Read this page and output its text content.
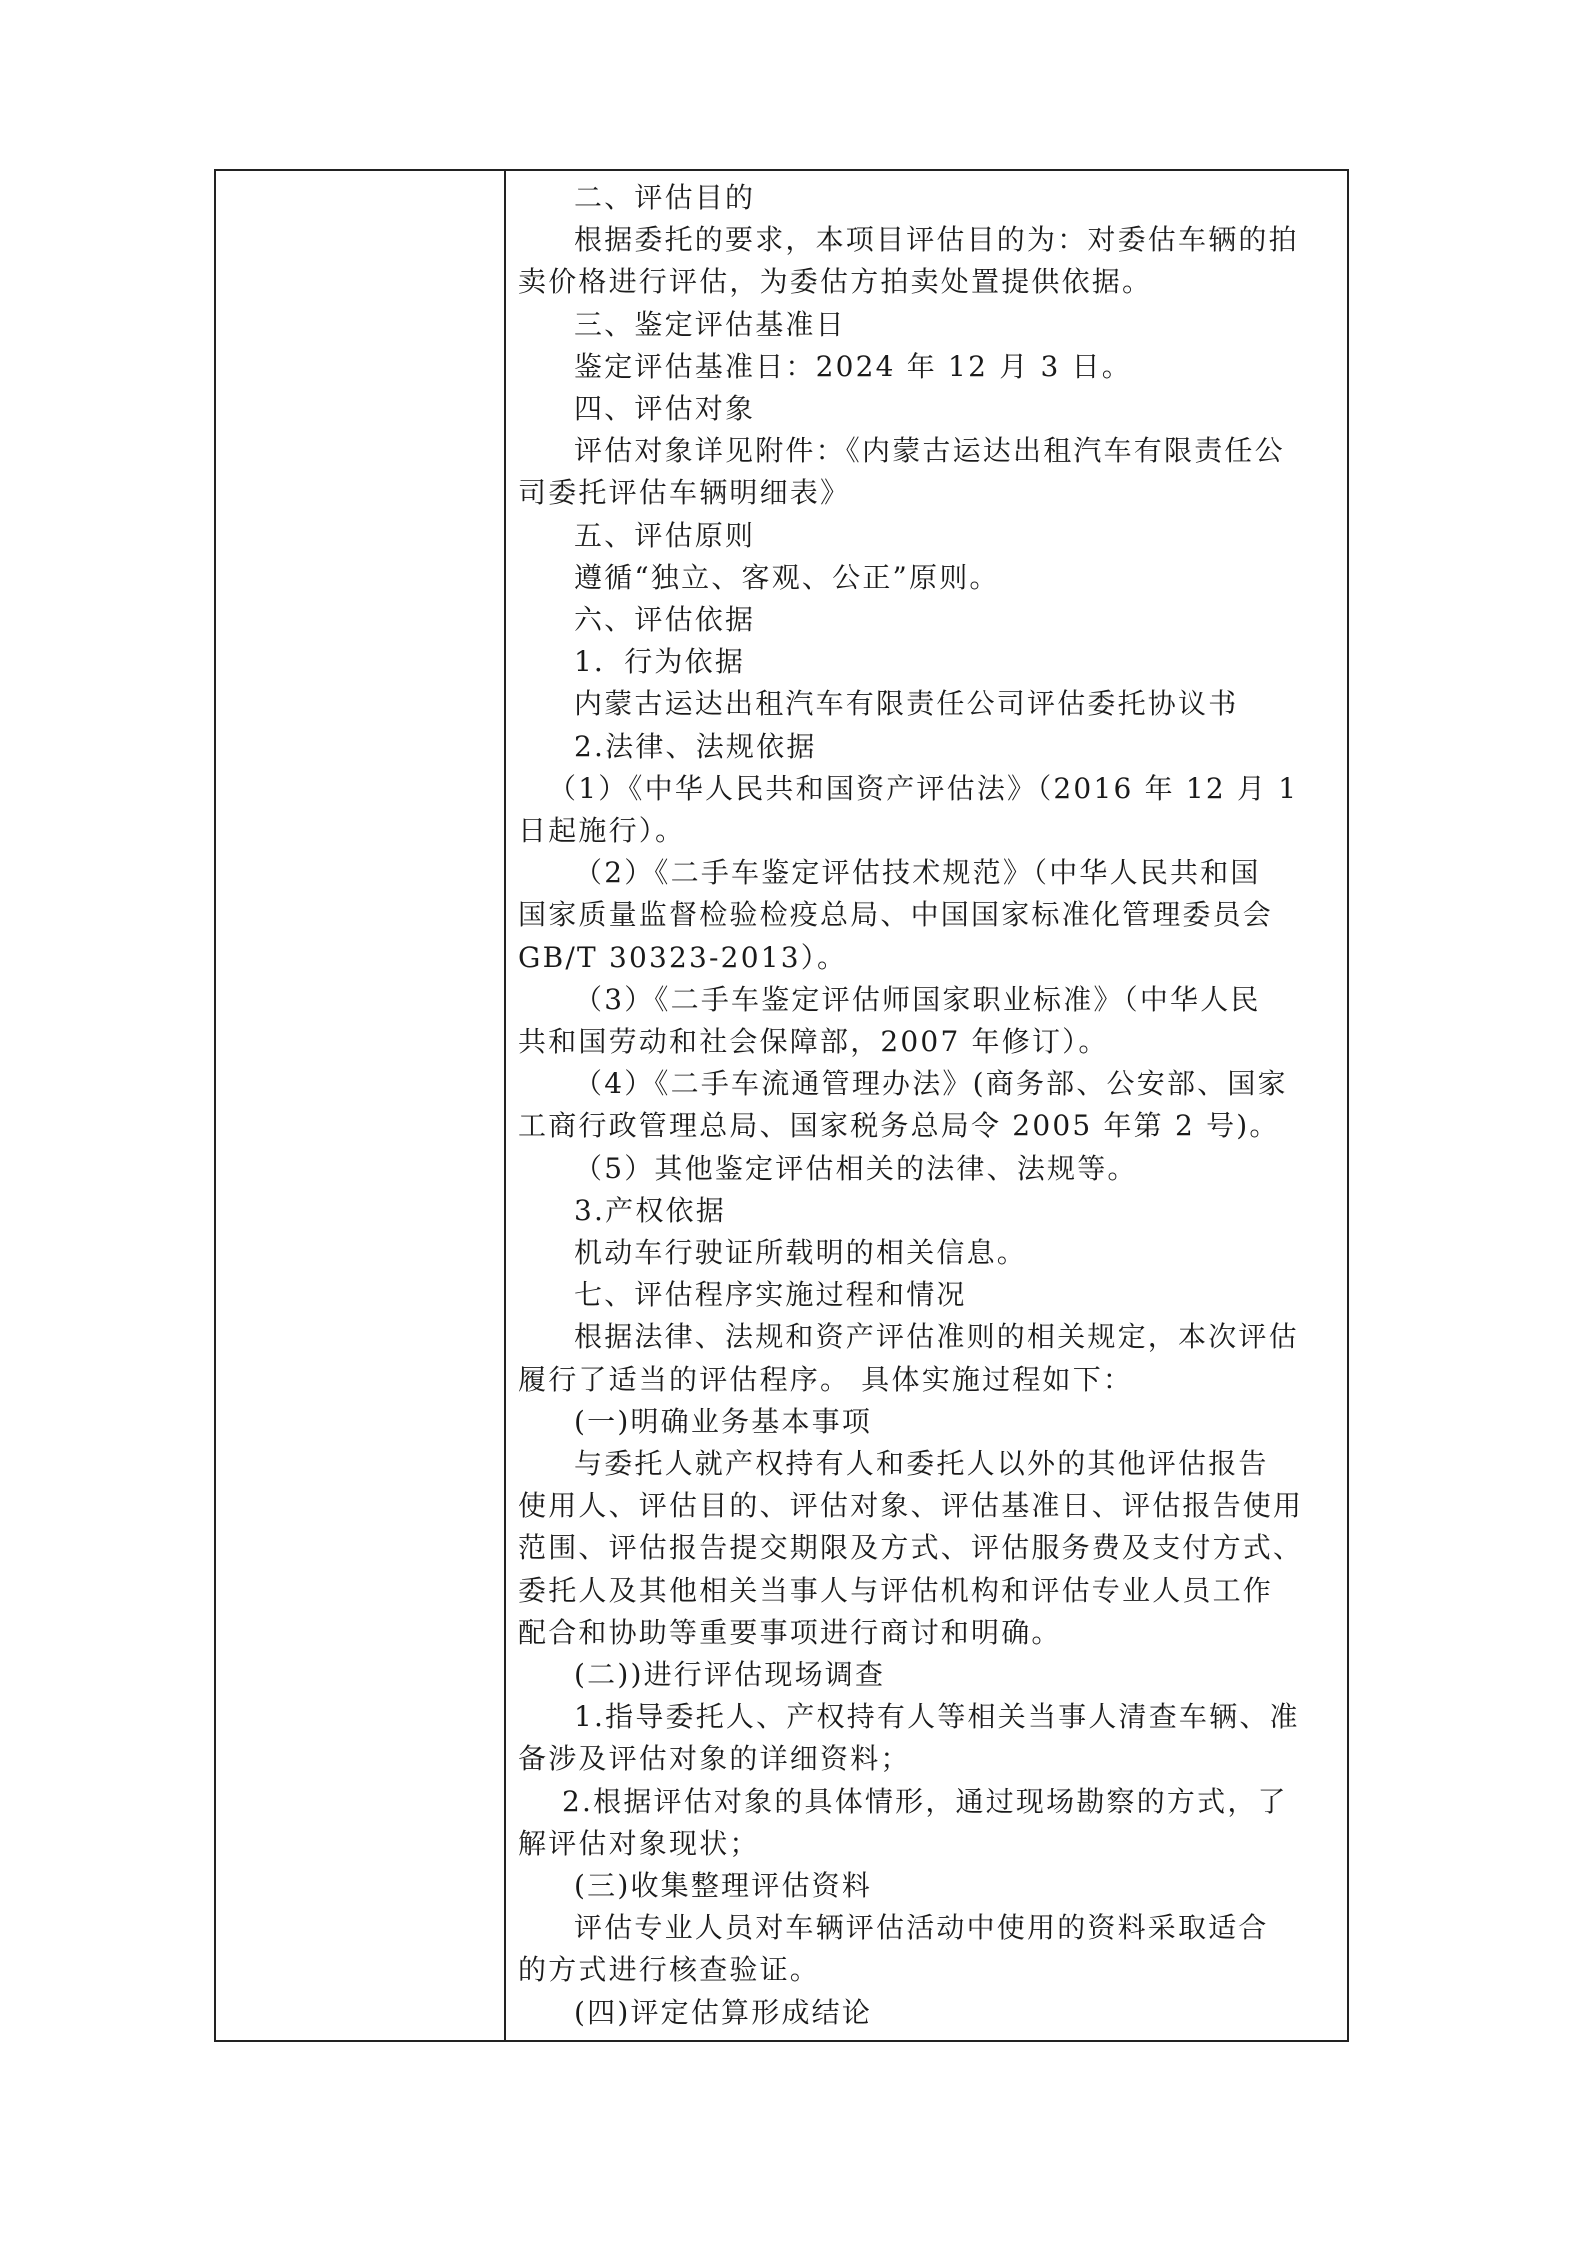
二、评估目的
根据委托的要求，本项目评估目的为：对委估车辆的拍
卖价格进行评估，为委估方拍卖处置提供依据。
三、鉴定评估基准日
鉴定评估基准日：2024 年 12 月 3 日。
四、评估对象
评估对象详见附件：《内蒙古运达出租汽车有限责任公
司委托评估车辆明细表》
五、评估原则
遵循“独立、客观、公正”原则。
六、评估依据
1．行为依据
内蒙古运达出租汽车有限责任公司评估委托协议书
2.法律、法规依据
（1）《中华人民共和国资产评估法》（2016 年 12 月 1
日起施行）。
（2）《二手车鉴定评估技术规范》（中华人民共和国
国家质量监督检验检疫总局、中国国家标准化管理委员会
GB/T 30323-2013）。
（3）《二手车鉴定评估师国家职业标准》（中华人民
共和国劳动和社会保障部，2007 年修订）。
（4）《二手车流通管理办法》(商务部、公安部、国家
工商行政管理总局、国家税务总局令 2005 年第 2 号)。
（5）其他鉴定评估相关的法律、法规等。
3.产权依据
机动车行驶证所载明的相关信息。
七、评估程序实施过程和情况
根据法律、法规和资产评估准则的相关规定，本次评估
履行了适当的评估程序。 具体实施过程如下：
(一)明确业务基本事项
与委托人就产权持有人和委托人以外的其他评估报告
使用人、评估目的、评估对象、评估基准日、评估报告使用
范围、评估报告提交期限及方式、评估服务费及支付方式、
委托人及其他相关当事人与评估机构和评估专业人员工作
配合和协助等重要事项进行商讨和明确。
(二))进行评估现场调查
1.指导委托人、产权持有人等相关当事人清查车辆、准
备涉及评估对象的详细资料；
2.根据评估对象的具体情形，通过现场勘察的方式，了
解评估对象现状；
(三)收集整理评估资料
评估专业人员对车辆评估活动中使用的资料采取适合
的方式进行核查验证。
(四)评定估算形成结论
